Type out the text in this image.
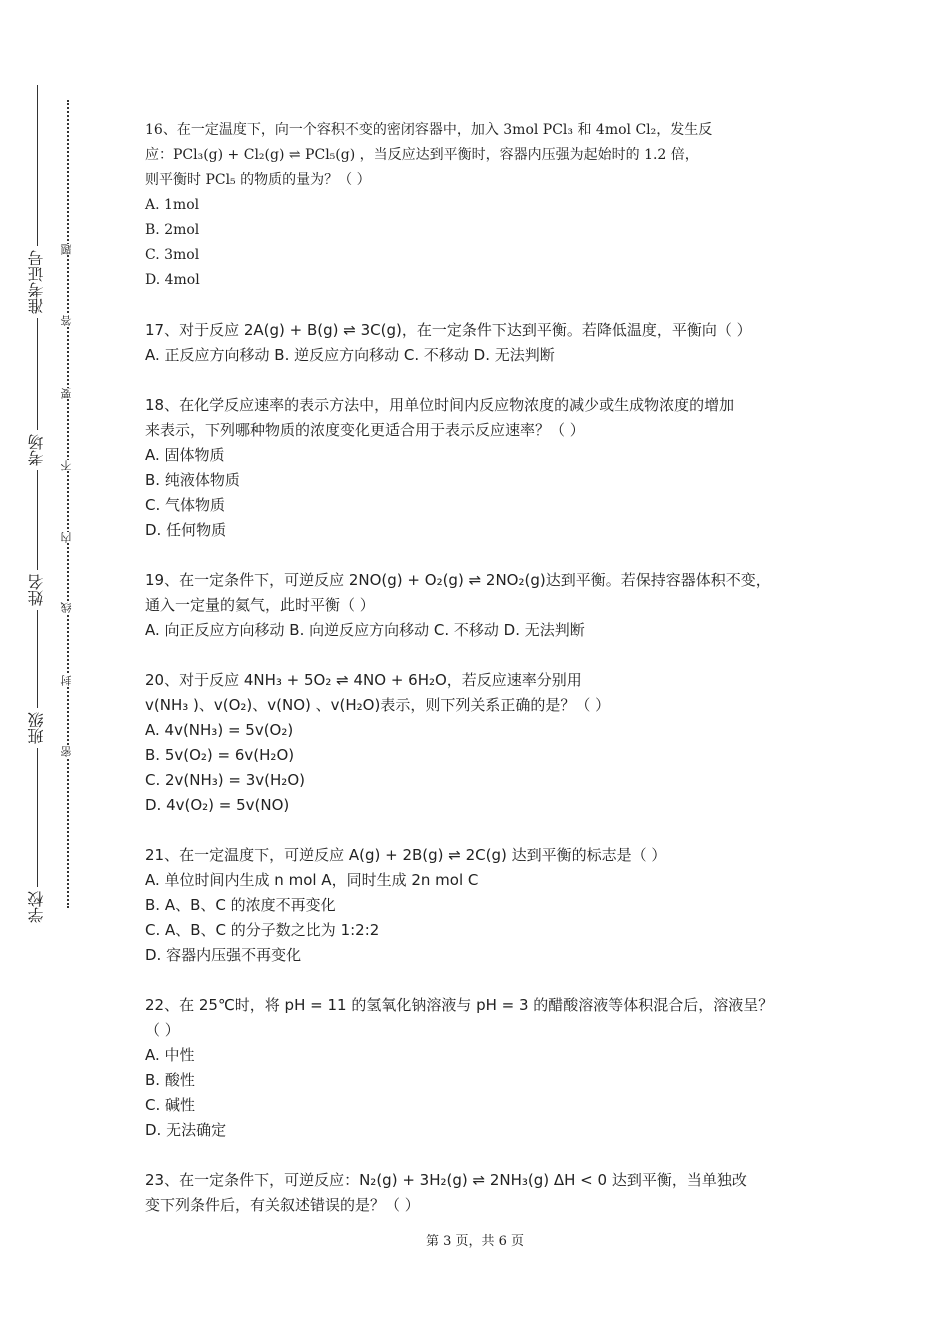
准考证号
考场
姓名
班级
学校
题
答
要
不
内
线
封
密
16、在一定温度下，向一个容积不变的密闭容器中，加入 3mol PCl₃ 和 4mol Cl₂，发生反
应：PCl₃(g) + Cl₂(g) ⇌ PCl₅(g) ，当反应达到平衡时，容器内压强为起始时的 1.2 倍，
则平衡时 PCl₅ 的物质的量为？（ ）
A. 1mol
B. 2mol
C. 3mol
D. 4mol
17、对于反应 2A(g) + B(g) ⇌ 3C(g)，在一定条件下达到平衡。若降低温度，平衡向（ ）
A. 正反应方向移动 B. 逆反应方向移动 C. 不移动 D. 无法判断
18、在化学反应速率的表示方法中，用单位时间内反应物浓度的减少或生成物浓度的增加
来表示，下列哪种物质的浓度变化更适合用于表示反应速率？（ ）
A. 固体物质
B. 纯液体物质
C. 气体物质
D. 任何物质
19、在一定条件下，可逆反应 2NO(g) + O₂(g) ⇌ 2NO₂(g)达到平衡。若保持容器体积不变，
通入一定量的氦气，此时平衡（ ）
A. 向正反应方向移动 B. 向逆反应方向移动 C. 不移动 D. 无法判断
20、对于反应 4NH₃ + 5O₂ ⇌ 4NO + 6H₂O，若反应速率分别用
v(NH₃ )、v(O₂)、v(NO) 、v(H₂O)表示，则下列关系正确的是？（ ）
A. 4v(NH₃) = 5v(O₂)
B. 5v(O₂) = 6v(H₂O)
C. 2v(NH₃) = 3v(H₂O)
D. 4v(O₂) = 5v(NO)
21、在一定温度下，可逆反应 A(g) + 2B(g) ⇌ 2C(g) 达到平衡的标志是（ ）
A. 单位时间内生成 n mol A，同时生成 2n mol C
B. A、B、C 的浓度不再变化
C. A、B、C 的分子数之比为 1:2:2
D. 容器内压强不再变化
22、在 25℃时，将 pH = 11 的氢氧化钠溶液与 pH = 3 的醋酸溶液等体积混合后，溶液呈？
（ ）
A. 中性
B. 酸性
C. 碱性
D. 无法确定
23、在一定条件下，可逆反应：N₂(g) + 3H₂(g) ⇌ 2NH₃(g) ΔH < 0 达到平衡，当单独改
变下列条件后，有关叙述错误的是？（ ）
第 3 页，共 6 页
